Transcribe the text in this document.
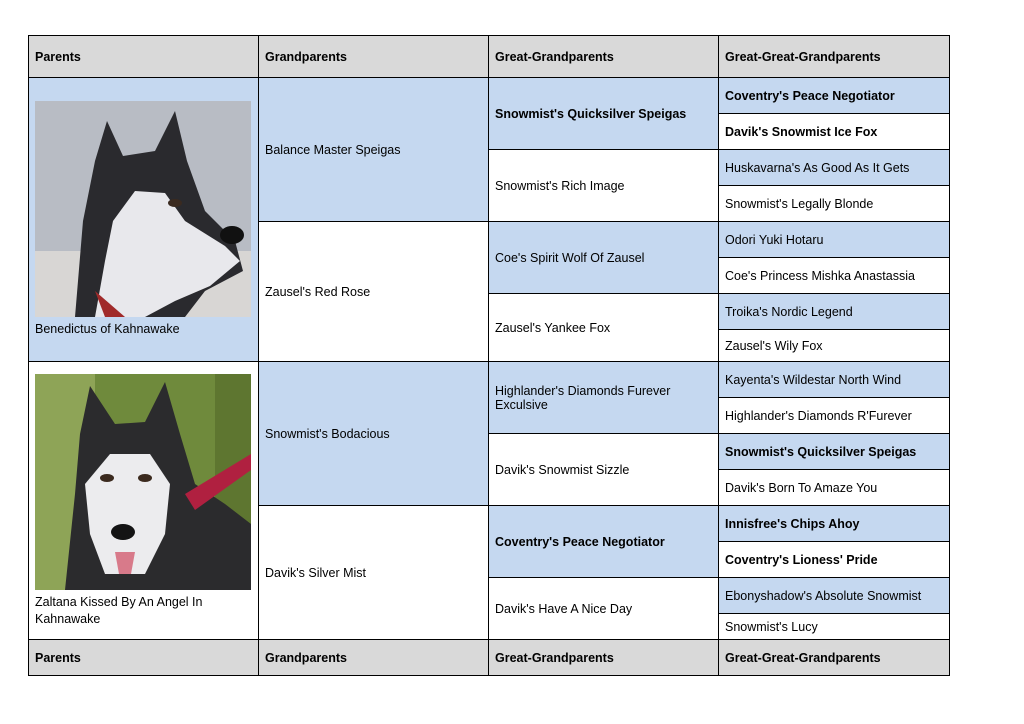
Parents	Grandparents	Great-Grandparents	Great-Great-Grandparents

Benedictus of Kahnawake	Balance Master Speigas	Snowmist's Quicksilver Speigas	Coventry's Peace Negotiator
			Davik's Snowmist Ice Fox
		Snowmist's Rich Image	Huskavarna's As Good As It Gets
			Snowmist's Legally Blonde
	Zausel's Red Rose	Coe's Spirit Wolf Of Zausel	Odori Yuki Hotaru
			Coe's Princess Mishka Anastassia
		Zausel's Yankee Fox	Troika's Nordic Legend
			Zausel's Wily Fox

Zaltana Kissed By An Angel In Kahnawake	Snowmist's Bodacious	Highlander's Diamonds Furever Exculsive	Kayenta's Wildestar North Wind
			Highlander's Diamonds R'Furever
		Davik's Snowmist Sizzle	Snowmist's Quicksilver Speigas
			Davik's Born To Amaze You
	Davik's Silver Mist	Coventry's Peace Negotiator	Innisfree's Chips Ahoy
			Coventry's Lioness' Pride
		Davik's Have A Nice Day	Ebonyshadow's Absolute Snowmist
			Snowmist's Lucy
Parents	Grandparents	Great-Grandparents	Great-Great-Grandparents
